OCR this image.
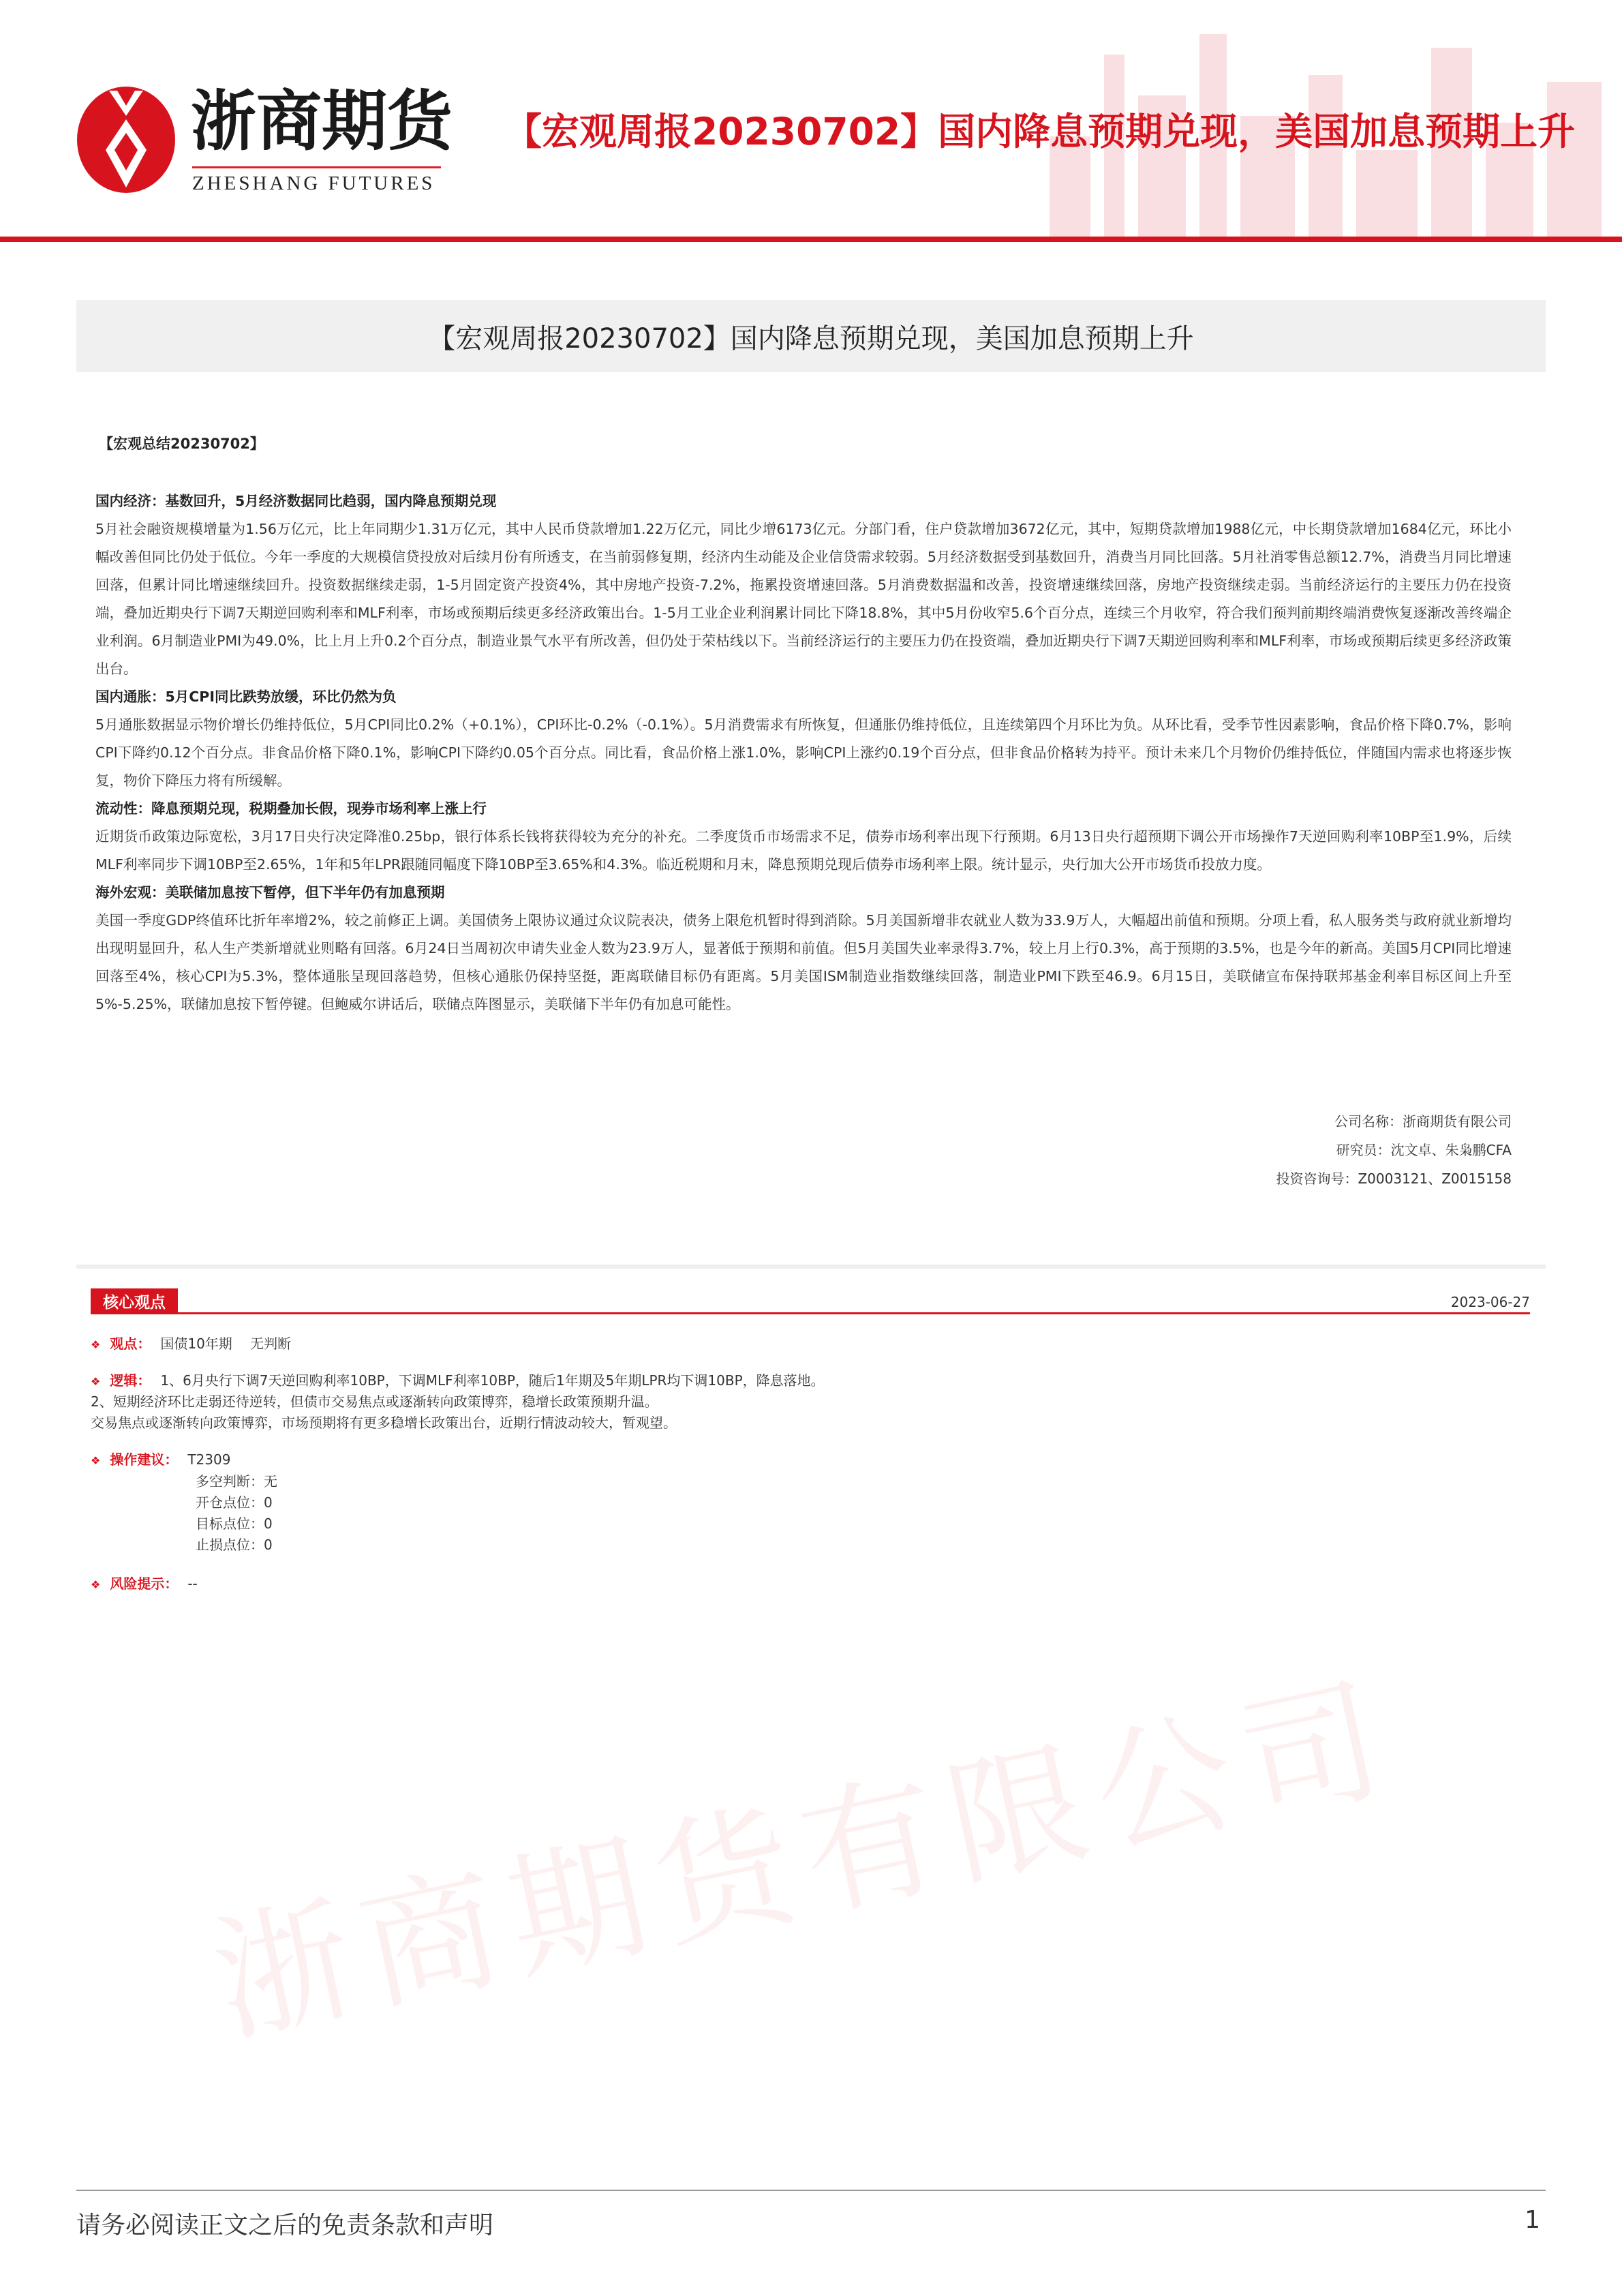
浙商期货有限公司
浙商期货
ZHESHANG FUTURES
【宏观周报20230702】国内降息预期兑现，美国加息预期上升
【宏观周报20230702】国内降息预期兑现，美国加息预期上升
【宏观总结20230702】

国内经济：基数回升，5月经济数据同比趋弱，国内降息预期兑现

5月社会融资规模增量为1.56万亿元，比上年同期少1.31万亿元，其中人民币贷款增加1.22万亿元，同比少增6173亿元。分部门看，住户贷款增加3672亿元，其中，短期贷款增加1988亿元，中长期贷款增加1684亿元，环比小幅改善但同比仍处于低位。今年一季度的大规模信贷投放对后续月份有所透支，在当前弱修复期，经济内生动能及企业信贷需求较弱。5月经济数据受到基数回升，消费当月同比回落。5月社消零售总额12.7%，消费当月同比增速回落，但累计同比增速继续回升。投资数据继续走弱，1-5月固定资产投资4%，其中房地产投资-7.2%，拖累投资增速回落。5月消费数据温和改善，投资增速继续回落，房地产投资继续走弱。当前经济运行的主要压力仍在投资端，叠加近期央行下调7天期逆回购利率和MLF利率，市场或预期后续更多经济政策出台。1-5月工业企业利润累计同比下降18.8%，其中5月份收窄5.6个百分点，连续三个月收窄，符合我们预判前期终端消费恢复逐渐改善终端企业利润。6月制造业PMI为49.0%，比上月上升0.2个百分点，制造业景气水平有所改善，但仍处于荣枯线以下。当前经济运行的主要压力仍在投资端，叠加近期央行下调7天期逆回购利率和MLF利率，市场或预期后续更多经济政策出台。

国内通胀：5月CPI同比跌势放缓，环比仍然为负

5月通胀数据显示物价增长仍维持低位，5月CPI同比0.2%（+0.1%），CPI环比-0.2%（-0.1%）。5月消费需求有所恢复，但通胀仍维持低位，且连续第四个月环比为负。从环比看，受季节性因素影响，食品价格下降0.7%，影响CPI下降约0.12个百分点。非食品价格下降0.1%，影响CPI下降约0.05个百分点。同比看，食品价格上涨1.0%，影响CPI上涨约0.19个百分点，但非食品价格转为持平。预计未来几个月物价仍维持低位，伴随国内需求也将逐步恢复，物价下降压力将有所缓解。

流动性：降息预期兑现，税期叠加长假，现券市场利率上涨上行

近期货币政策边际宽松，3月17日央行决定降准0.25bp，银行体系长钱将获得较为充分的补充。二季度货币市场需求不足，债券市场利率出现下行预期。6月13日央行超预期下调公开市场操作7天逆回购利率10BP至1.9%，后续MLF利率同步下调10BP至2.65%，1年和5年LPR跟随同幅度下降10BP至3.65%和4.3%。临近税期和月末，降息预期兑现后债券市场利率上限。统计显示，央行加大公开市场货币投放力度。

海外宏观：美联储加息按下暂停，但下半年仍有加息预期

美国一季度GDP终值环比折年率增2%，较之前修正上调。美国债务上限协议通过众议院表决，债务上限危机暂时得到消除。5月美国新增非农就业人数为33.9万人，大幅超出前值和预期。分项上看，私人服务类与政府就业新增均出现明显回升，私人生产类新增就业则略有回落。6月24日当周初次申请失业金人数为23.9万人，显著低于预期和前值。但5月美国失业率录得3.7%，较上月上行0.3%，高于预期的3.5%，也是今年的新高。美国5月CPI同比增速回落至4%，核心CPI为5.3%，整体通胀呈现回落趋势，但核心通胀仍保持坚挺，距离联储目标仍有距离。5月美国ISM制造业指数继续回落，制造业PMI下跌至46.9。6月15日，美联储宣布保持联邦基金利率目标区间上升至5%-5.25%，联储加息按下暂停键。但鲍威尔讲话后，联储点阵图显示，美联储下半年仍有加息可能性。

公司名称：浙商期货有限公司
研究员：沈文卓、朱枭鹏CFA
投资咨询号：Z0003121、Z0015158
核心观点	2023-06-27
❖ 观点： 国债10年期　 无判断
❖ 逻辑： 1、6月央行下调7天逆回购利率10BP，下调MLF利率10BP，随后1年期及5年期LPR均下调10BP，降息落地。
2、短期经济环比走弱还待逆转，但债市交易焦点或逐渐转向政策博弈，稳增长政策预期升温。
交易焦点或逐渐转向政策博弈，市场预期将有更多稳增长政策出台，近期行情波动较大，暂观望。
❖ 操作建议： T2309
多空判断：无
开仓点位：0
目标点位：0
止损点位：0
❖ 风险提示： --
请务必阅读正文之后的免责条款和声明	1
